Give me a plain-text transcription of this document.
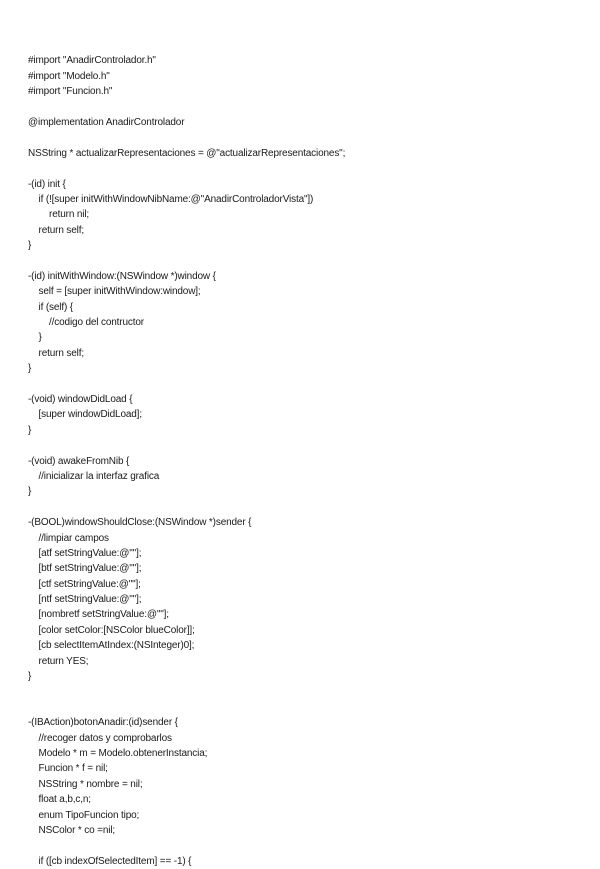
#import "AnadirControlador.h"
#import "Modelo.h"
#import "Funcion.h"
@implementation AnadirControlador
NSString * actualizarRepresentaciones = @"actualizarRepresentaciones";
-(id) init {
if (![super initWithWindowNibName:@"AnadirControladorVista"])
return nil;
return self;
}
-(id) initWithWindow:(NSWindow *)window {
self = [super initWithWindow:window];
if (self) {
//codigo del contructor
}
return self;
}
-(void) windowDidLoad {
[super windowDidLoad];
}
-(void) awakeFromNib {
//inicializar la interfaz grafica
}
-(BOOL)windowShouldClose:(NSWindow *)sender {
//limpiar campos
[atf setStringValue:@""];
[btf setStringValue:@""];
[ctf setStringValue:@""];
[ntf setStringValue:@""];
[nombretf setStringValue:@""];
[color setColor:[NSColor blueColor]];
[cb selectItemAtIndex:(NSInteger)0];
return YES;
}
-(IBAction)botonAnadir:(id)sender {
//recoger datos y comprobarlos
Modelo * m = Modelo.obtenerInstancia;
Funcion * f = nil;
NSString * nombre = nil;
float a,b,c,n;
enum TipoFuncion tipo;
NSColor * co =nil;
if ([cb indexOfSelectedItem] == -1) {
